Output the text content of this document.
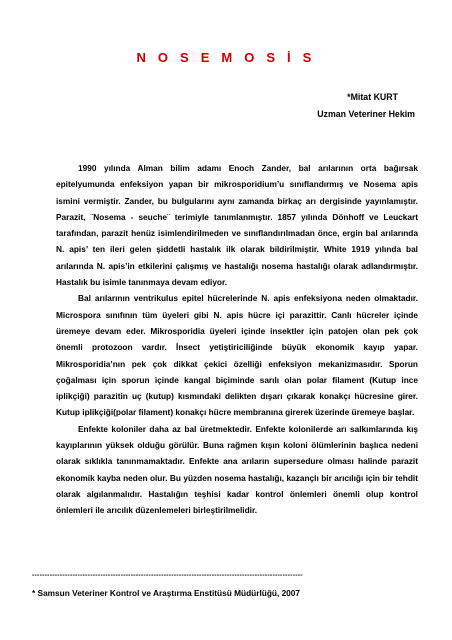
N O S E M O S İ S
*Mitat KURT
Uzman Veteriner Hekim

1990 yılında Alman bilim adamı Enoch Zander, bal arılarının orta bağırsak epitelyumunda enfeksiyon yapan bir mikrosporidium’u sınıflandırmış ve Nosema apis ismini vermiştir. Zander, bu bulgularını aynı zamanda birkaç arı dergisinde yayınlamıştır. Parazit, ¨Nosema - seuche¨ terimiyle tanımlanmıştır. 1857 yılında Dönhoff ve Leuckart tarafından, parazit henüz isimlendirilmeden ve sınıflandırılmadan önce, ergin bal arılarında N. apis’ ten ileri gelen şiddetli hastalık ilk olarak bildirilmiştir. White 1919 yılında bal arılarında N. apis’in etkilerini çalışmış ve hastalığı nosema hastalığı olarak adlandırmıştır. Hastalık bu isimle tanınmaya devam ediyor.

Bal arılarının ventrikulus epitel hücrelerinde N. apis enfeksiyona neden olmaktadır. Microspora sınıfının tüm üyeleri gibi N. apis hücre içi parazittir. Canlı hücreler içinde üremeye devam eder. Mikrosporidia üyeleri içinde insektler için patojen olan pek çok önemli protozoon vardır. İnsect yetiştiriciliğinde büyük ekonomik kayıp yapar. Mikrosporidia’nın pek çok dikkat çekici özelliği enfeksiyon mekanizmasıdır. Sporun çoğalması için sporun içinde kangal biçiminde sarılı olan polar filament (Kutup ince iplikçiği) parazitin uç (kutup) kısmındaki delikten dışarı çıkarak konakçı hücresine girer. Kutup iplikçiği(polar filament) konakçı hücre membranına girerek üzerinde üremeye başlar.

Enfekte koloniler daha az bal üretmektedir. Enfekte kolonilerde arı salkımlarında kış kayıplarının yüksek olduğu görülür. Buna rağmen kışın koloni ölümlerinin başlıca nedeni olarak sıklıkla tanınmamaktadır. Enfekte ana arıların supersedure olması halinde parazit ekonomik kayba neden olur. Bu yüzden nosema hastalığı, kazançlı bir arıcılığı için bir tehdit olarak algılanmalıdır. Hastalığın teşhisi kadar kontrol önlemleri önemli olup kontrol önlemleri ile arıcılık düzenlemeleri birleştirilmelidir.

-----------------------------------------------------------------------------------------------------------
* Samsun Veteriner Kontrol ve Araştırma Enstitüsü Müdürlüğü, 2007
